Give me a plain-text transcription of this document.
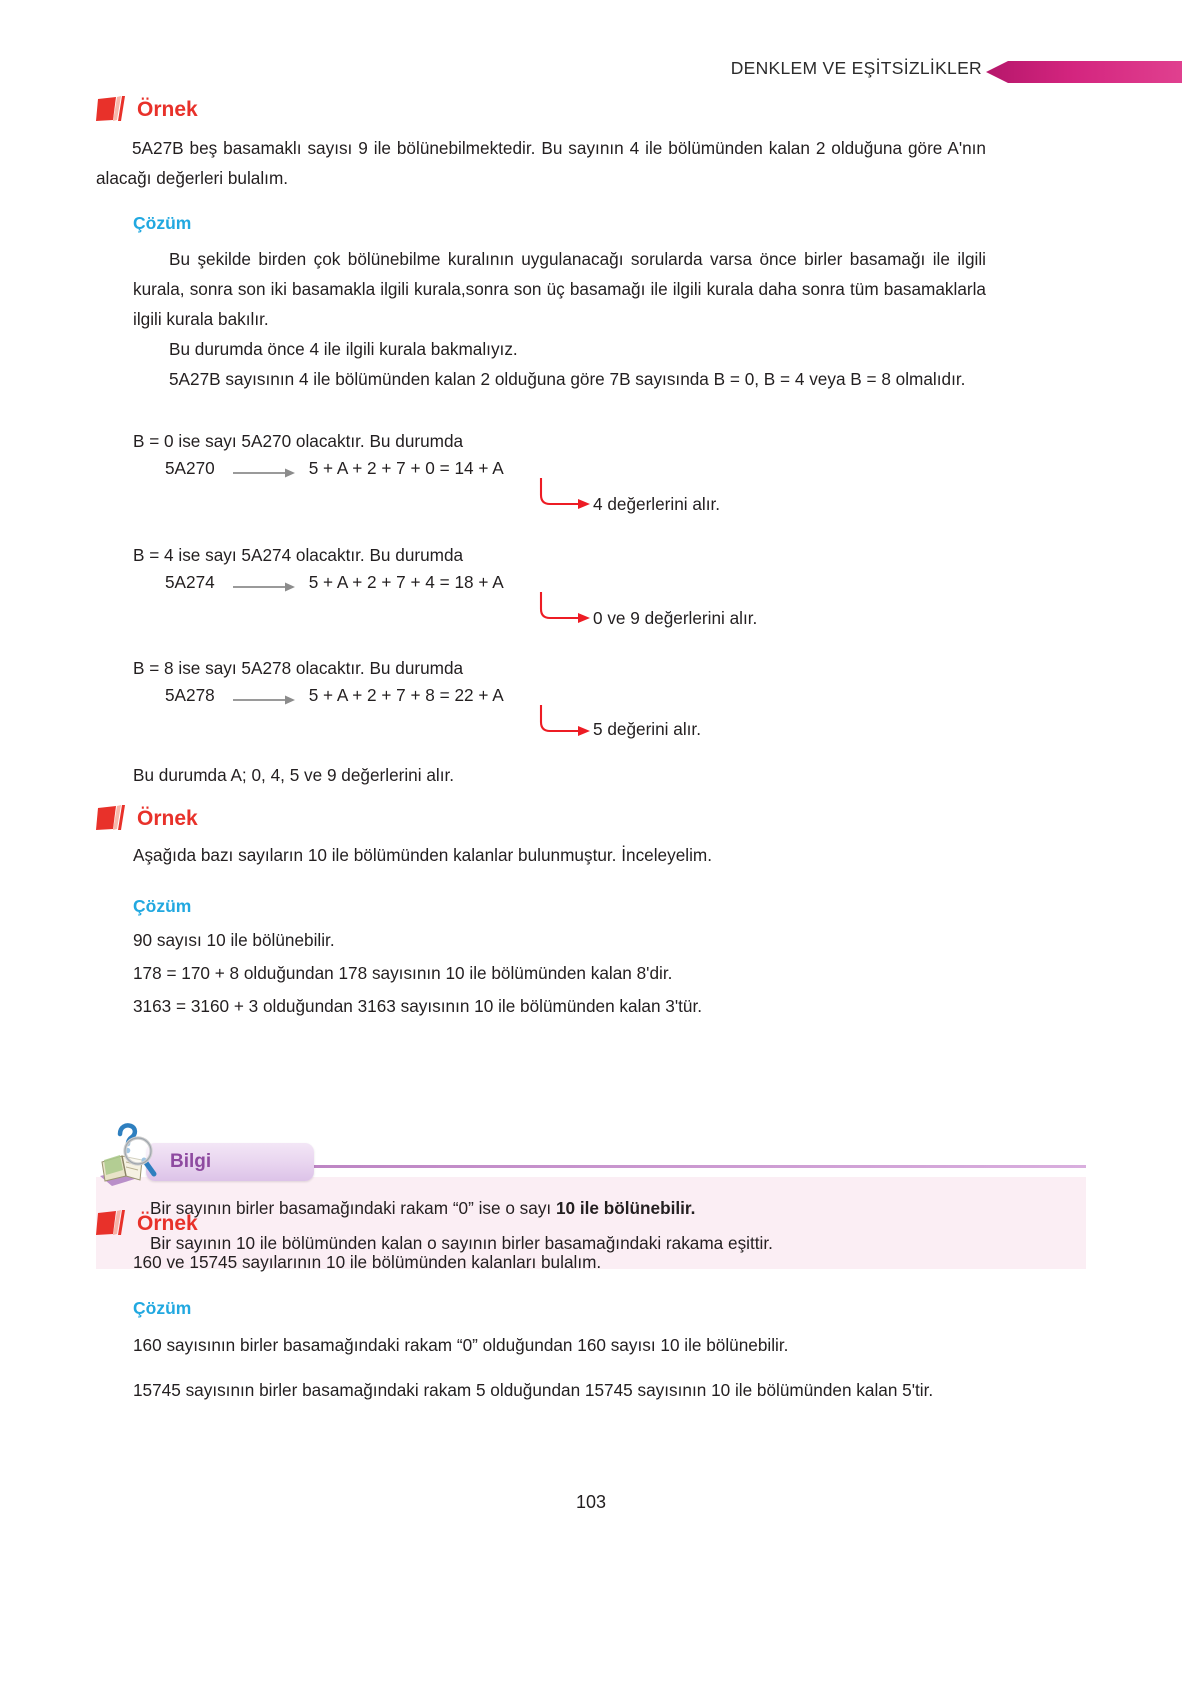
DENKLEM VE EŞİTSİZLİKLER
Örnek
5A27B beş basamaklı sayısı 9 ile bölünebilmektedir. Bu sayının 4 ile bölümünden kalan 2 olduğuna göre A'nın alacağı değerleri bulalım.
Çözüm
Bu şekilde birden çok bölünebilme kuralının uygulanacağı sorularda varsa önce birler basamağı ile ilgili kurala, sonra son iki basamakla ilgili kurala,sonra son üç basamağı ile ilgili kurala daha sonra tüm basamaklarla ilgili kurala bakılır.
Bu durumda önce 4 ile ilgili kurala bakmalıyız.
5A27B sayısının 4 ile bölümünden kalan 2 olduğuna göre 7B sayısında B = 0, B = 4 veya B = 8 olmalıdır.
B = 0 ise sayı 5A270 olacaktır. Bu durumda
5A270	5 + A + 2 + 7 + 0 = 14 + A
4 değerlerini alır.
B = 4 ise sayı 5A274 olacaktır. Bu durumda
5A274	5 + A + 2 + 7 + 4 = 18 + A
0 ve 9 değerlerini alır.
B = 8 ise sayı 5A278 olacaktır. Bu durumda
5A278	5 + A + 2 + 7 + 8 = 22 + A
5 değerini alır.
Bu durumda A; 0, 4, 5 ve 9 değerlerini alır.
Örnek
Aşağıda bazı sayıların 10 ile bölümünden kalanlar bulunmuştur. İnceleyelim.
Çözüm
90 sayısı 10 ile bölünebilir.
178 = 170 + 8 olduğundan 178 sayısının 10 ile bölümünden kalan 8'dir.
3163 = 3160 + 3 olduğundan 3163 sayısının 10 ile bölümünden kalan 3'tür.
Bilgi
Bir sayının birler basamağındaki rakam “0” ise o sayı 10 ile bölünebilir.
Bir sayının 10 ile bölümünden kalan o sayının birler basamağındaki rakama eşittir.
Örnek
160 ve 15745 sayılarının 10 ile bölümünden kalanları bulalım.
Çözüm
160 sayısının birler basamağındaki rakam “0” olduğundan 160 sayısı 10 ile bölünebilir.
15745 sayısının birler basamağındaki rakam 5 olduğundan 15745 sayısının 10 ile bölümünden kalan 5'tir.
103
